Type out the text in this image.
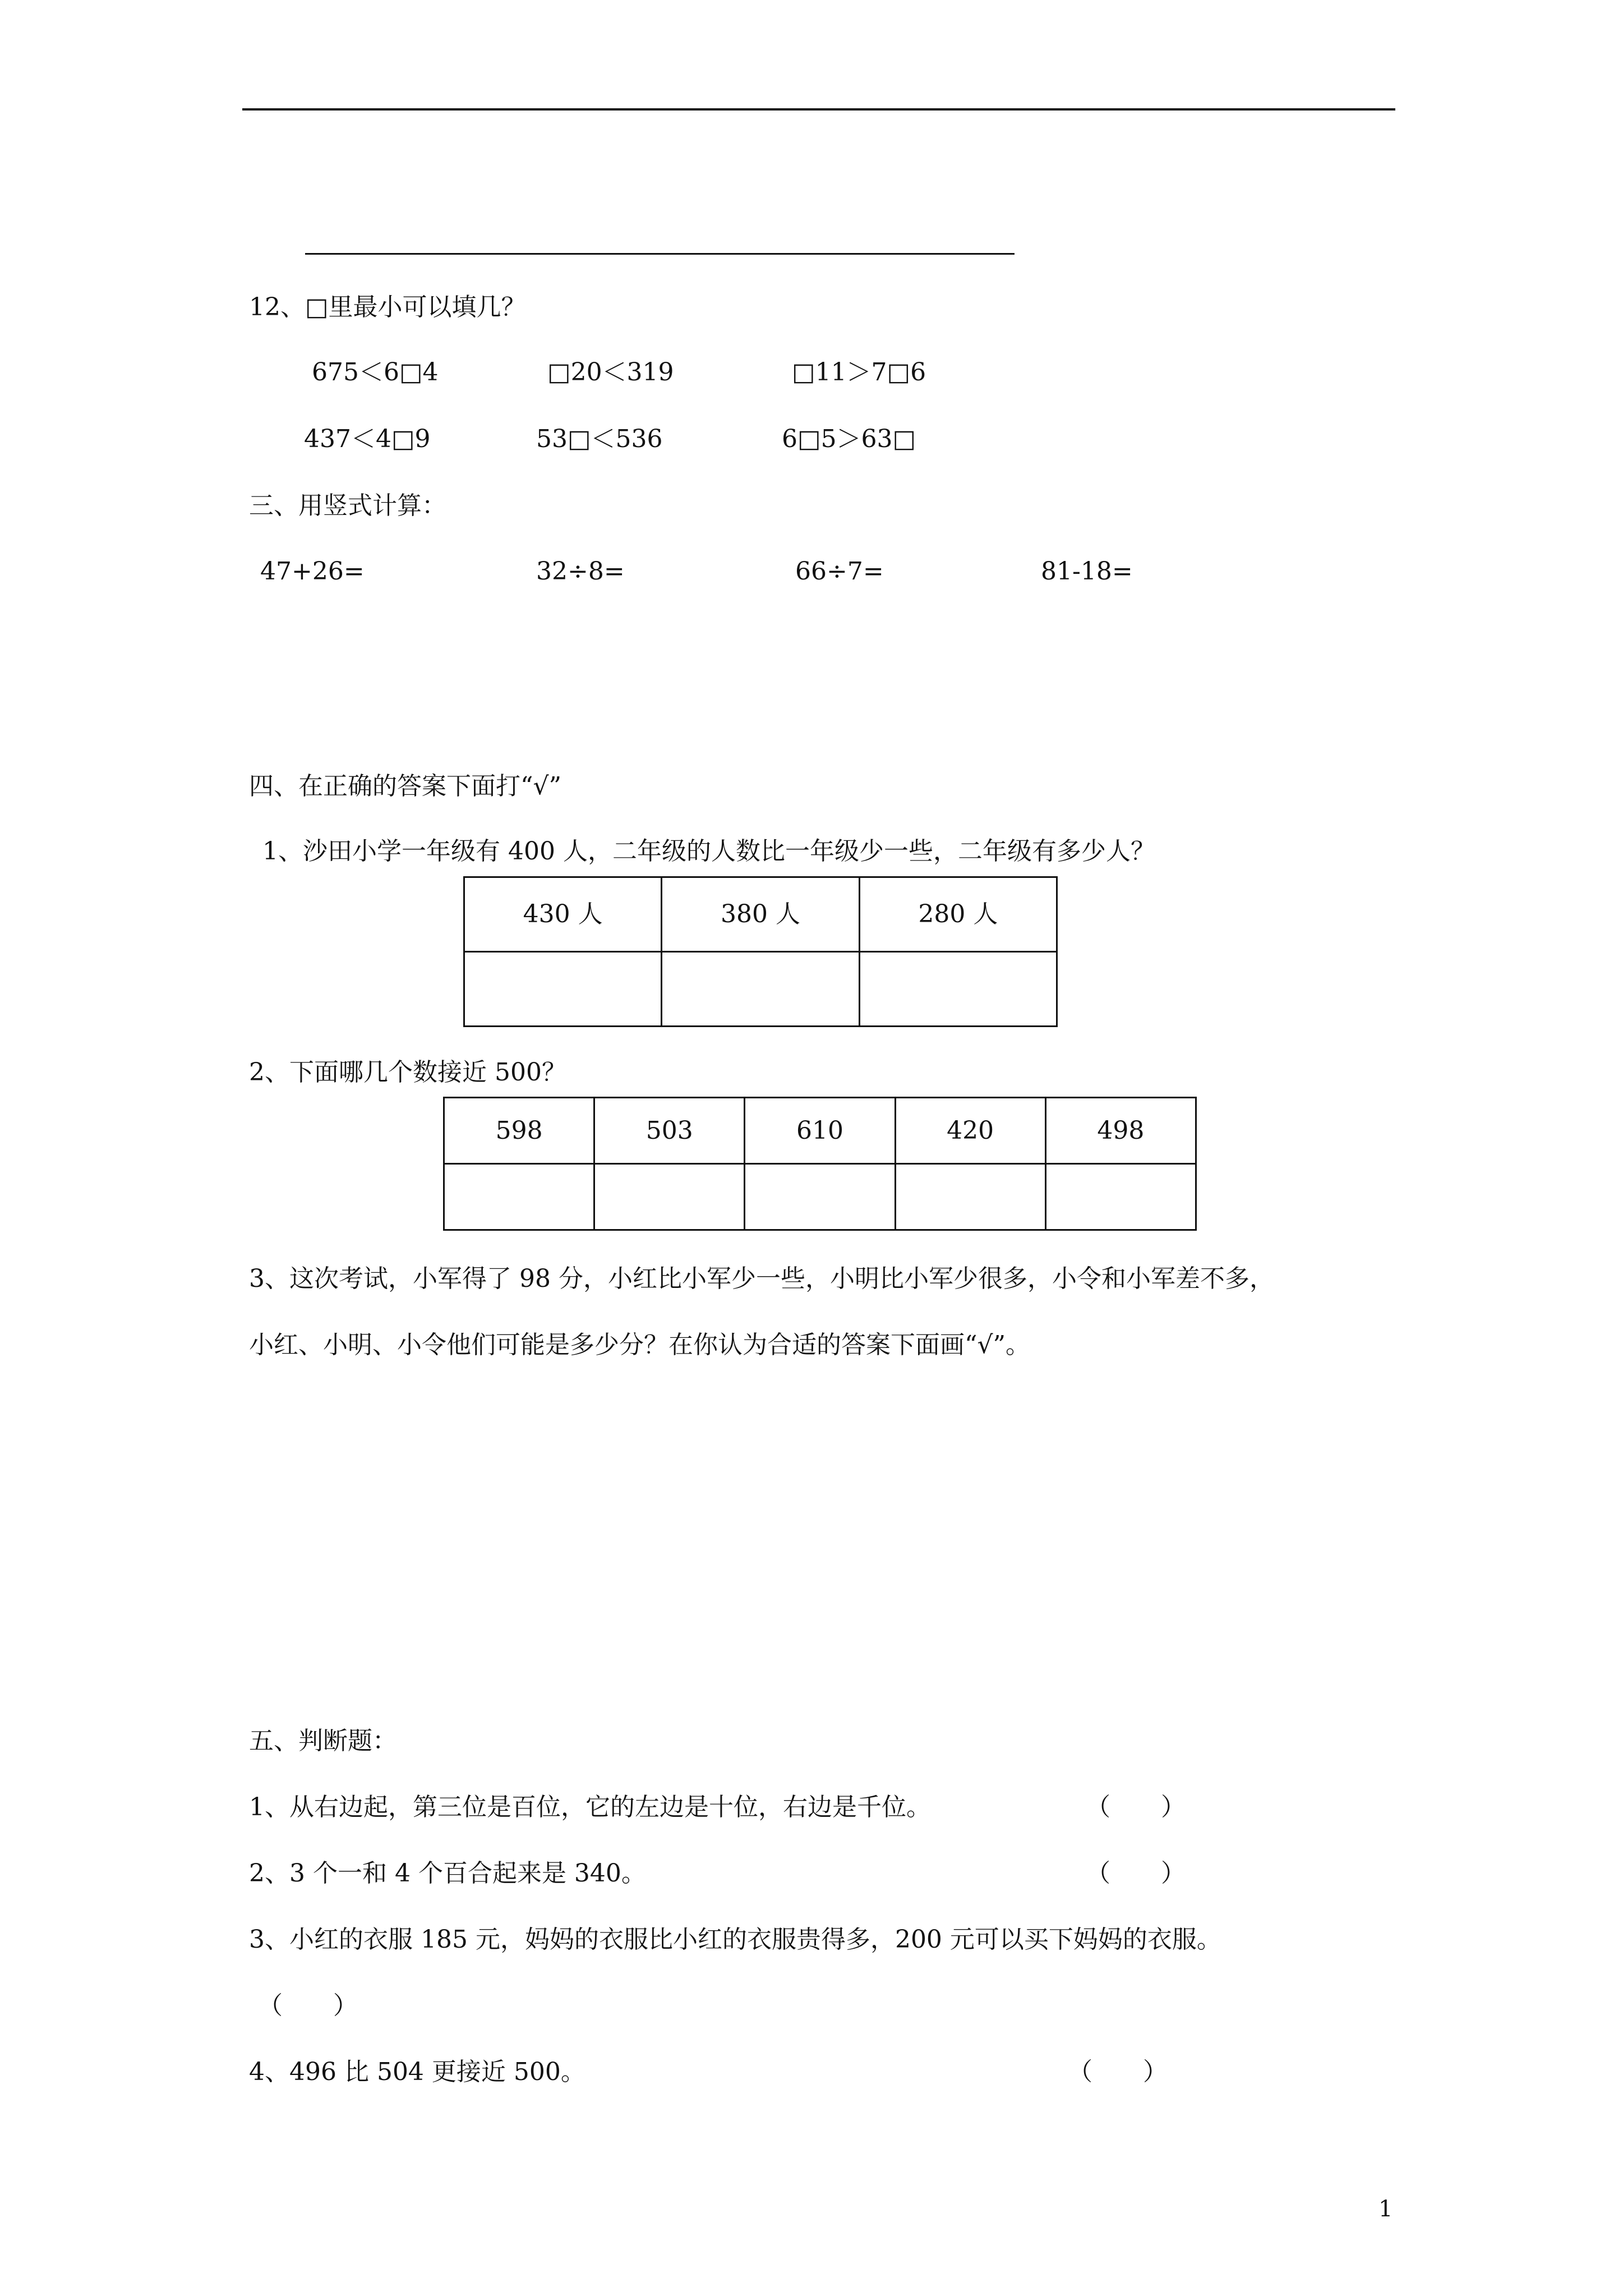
12、□里最小可以填几？
675＜6□4	□20＜319	□11＞7□6
437＜4□9	53□＜536	6□5＞63□
三、用竖式计算：
47+26=	32÷8=	66÷7=	81-18=
四、在正确的答案下面打“√”
1、沙田小学一年级有 400 人，二年级的人数比一年级少一些，二年级有多少人？
430 人	380 人	280 人

2、下面哪几个数接近 500？
598	503	610	420	498

3、这次考试，小军得了 98 分，小红比小军少一些，小明比小军少很多，小令和小军差不多，
小红、小明、小令他们可能是多少分？在你认为合适的答案下面画“√”。
五、判断题：
1、从右边起，第三位是百位，它的左边是十位，右边是千位。	（ ）
2、3 个一和 4 个百合起来是 340。	（ ）
3、小红的衣服 185 元，妈妈的衣服比小红的衣服贵得多，200 元可以买下妈妈的衣服。
（ ）
4、496 比 504 更接近 500。	（ ）
1
